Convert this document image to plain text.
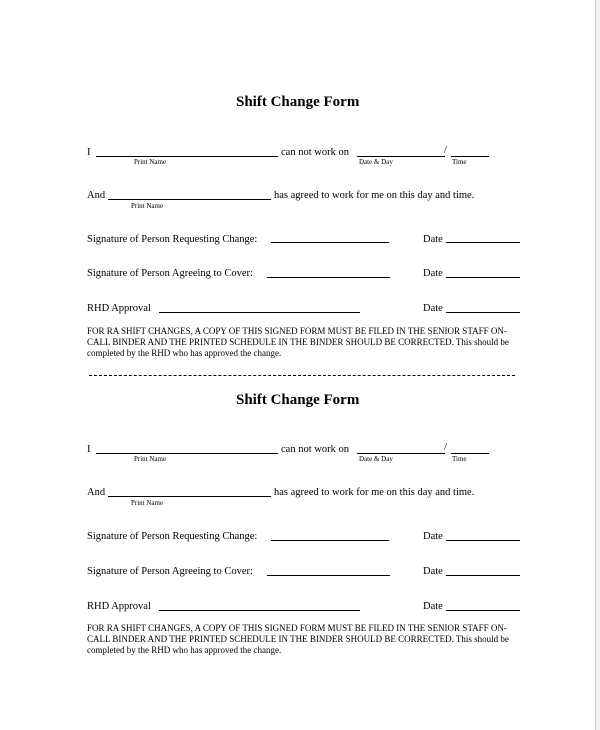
Shift Change Form
I	can not work on	/
Print Name	Date & Day	Time
And	has agreed to work for me on this day and time.
Print Name
Signature of Person Requesting Change:	Date
Signature of Person Agreeing to Cover:	Date
RHD Approval	Date
FOR RA SHIFT CHANGES, A COPY OF THIS SIGNED FORM MUST BE FILED IN THE SENIOR STAFF ON-CALL BINDER AND THE PRINTED SCHEDULE IN THE BINDER SHOULD BE CORRECTED. This should be completed by the RHD who has approved the change.
Shift Change Form
I	can not work on	/
Print Name	Date & Day	Time
And	has agreed to work for me on this day and time.
Print Name
Signature of Person Requesting Change:	Date
Signature of Person Agreeing to Cover:	Date
RHD Approval	Date
FOR RA SHIFT CHANGES, A COPY OF THIS SIGNED FORM MUST BE FILED IN THE SENIOR STAFF ON-CALL BINDER AND THE PRINTED SCHEDULE IN THE BINDER SHOULD BE CORRECTED. This should be completed by the RHD who has approved the change.
